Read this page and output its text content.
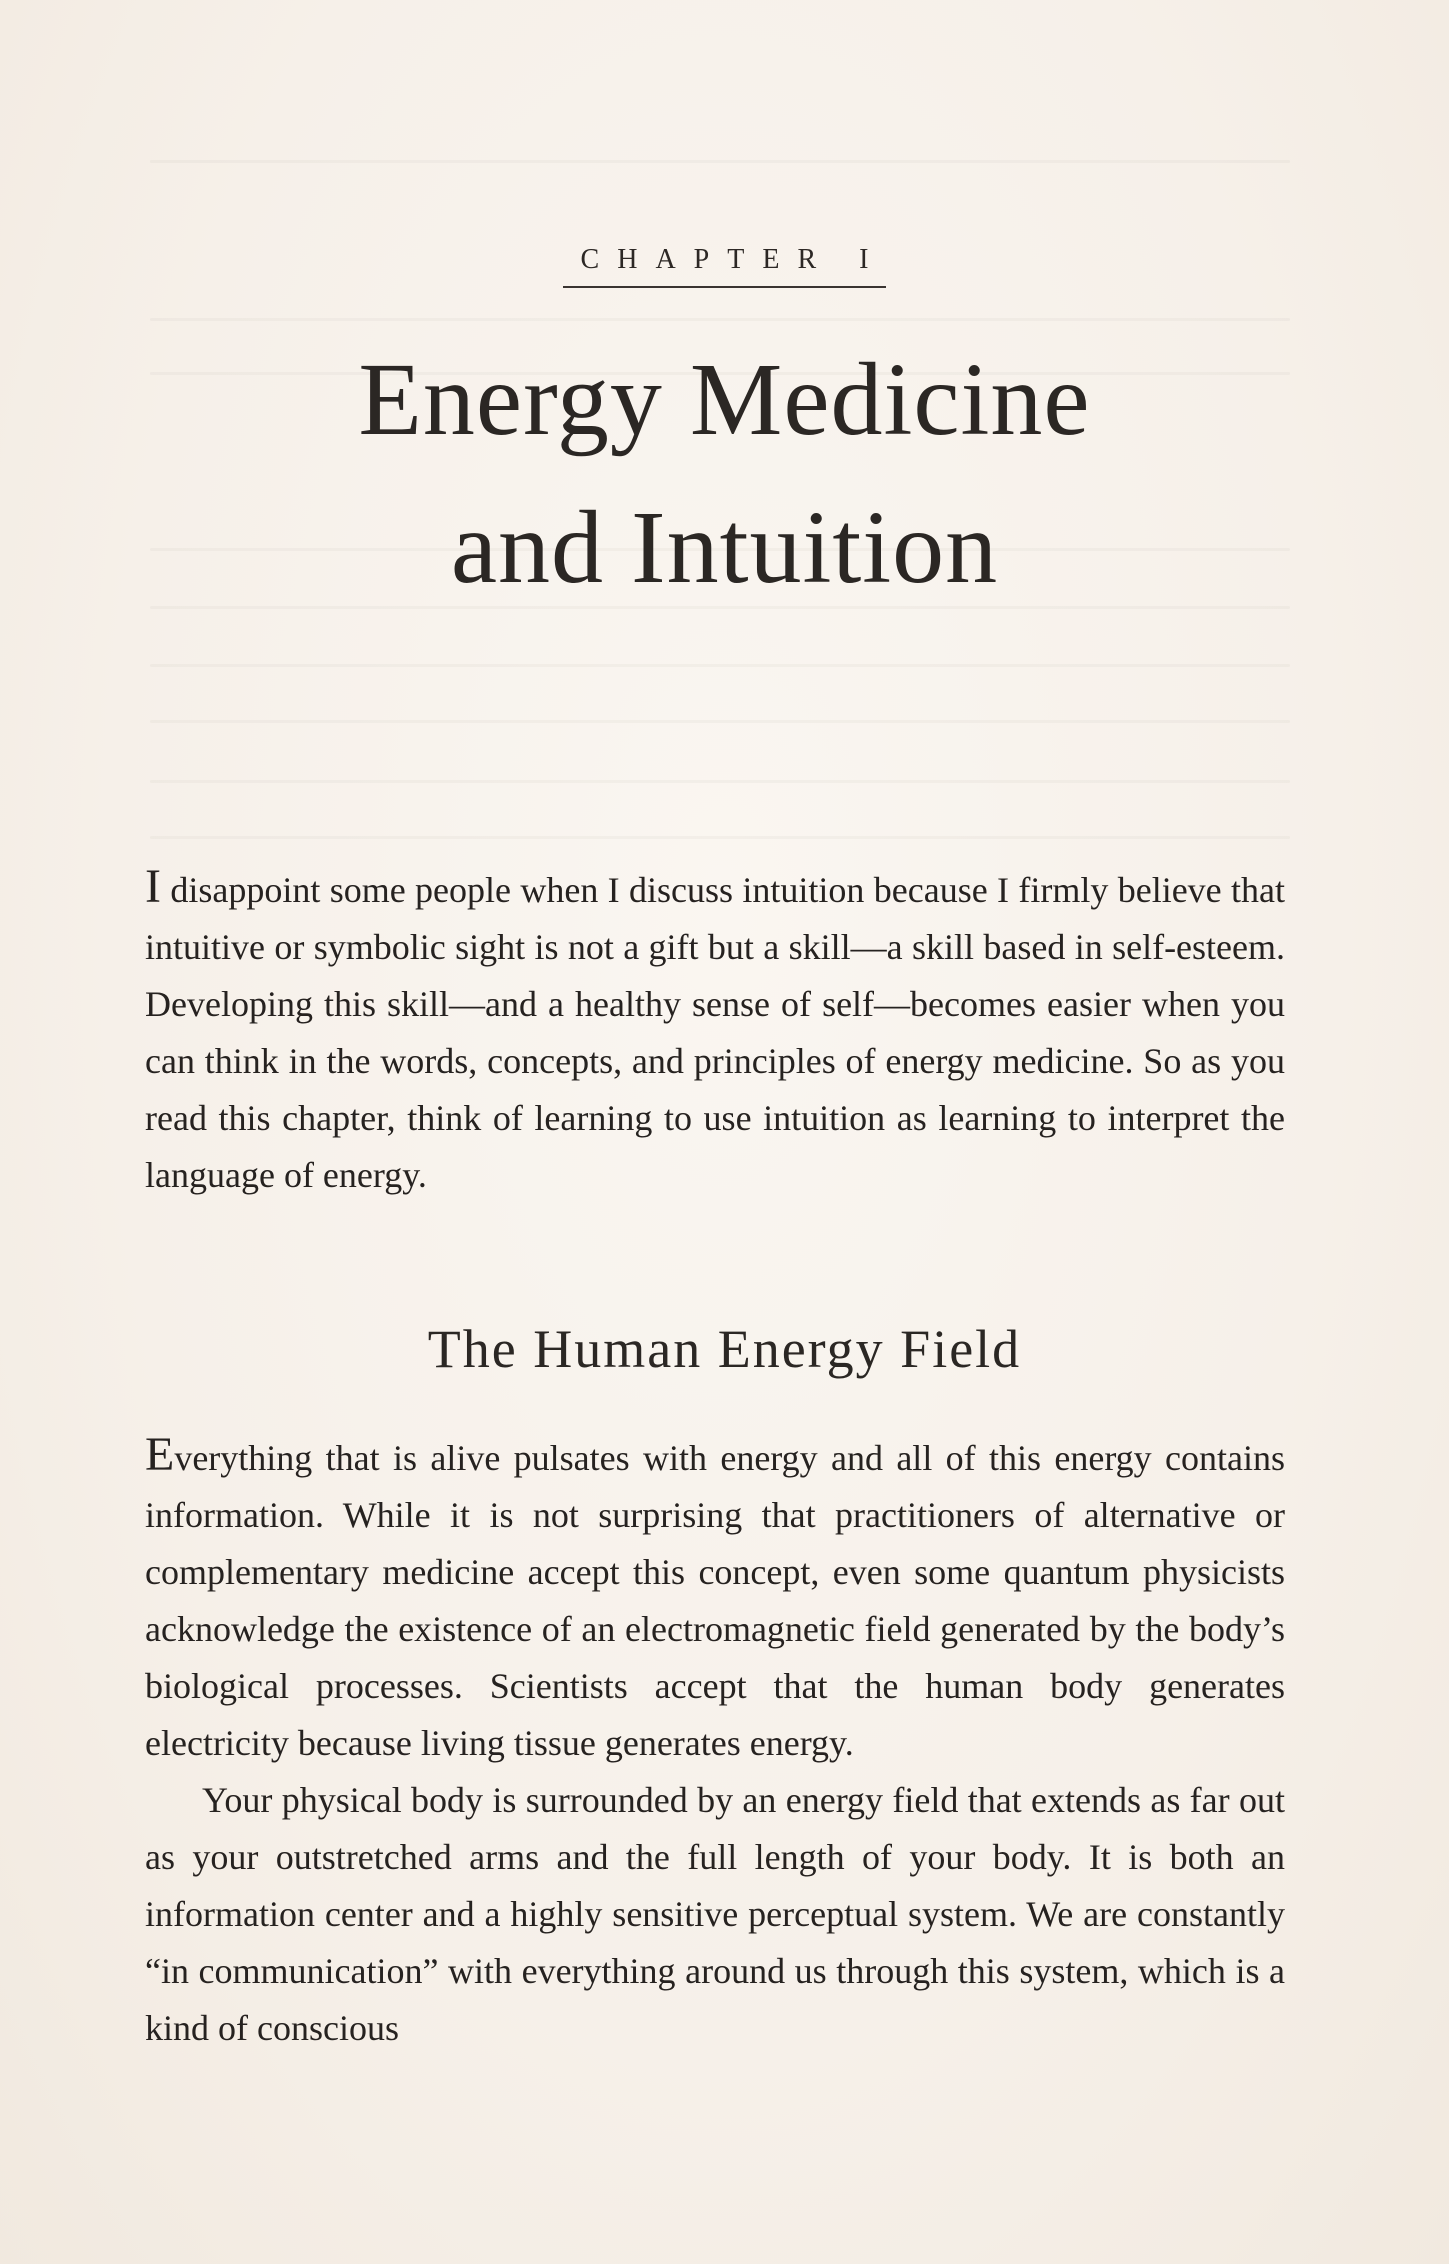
CHAPTER I
Energy Medicine
and Intuition

I disappoint some people when I discuss intuition because I firmly believe that intuitive or symbolic sight is not a gift but a skill—a skill based in self-esteem. Developing this skill—and a healthy sense of self—becomes easier when you can think in the words, concepts, and principles of energy medicine. So as you read this chapter, think of learning to use intuition as learning to interpret the language of energy.

The Human Energy Field

Everything that is alive pulsates with energy and all of this energy contains information. While it is not surprising that practitioners of alternative or complementary medicine accept this concept, even some quantum physicists acknowledge the existence of an electromagnetic field generated by the body’s biological processes. Scientists accept that the human body generates electricity because living tissue generates energy.

Your physical body is surrounded by an energy field that extends as far out as your outstretched arms and the full length of your body. It is both an information center and a highly sensitive perceptual system. We are constantly “in communication” with everything around us through this system, which is a kind of conscious
